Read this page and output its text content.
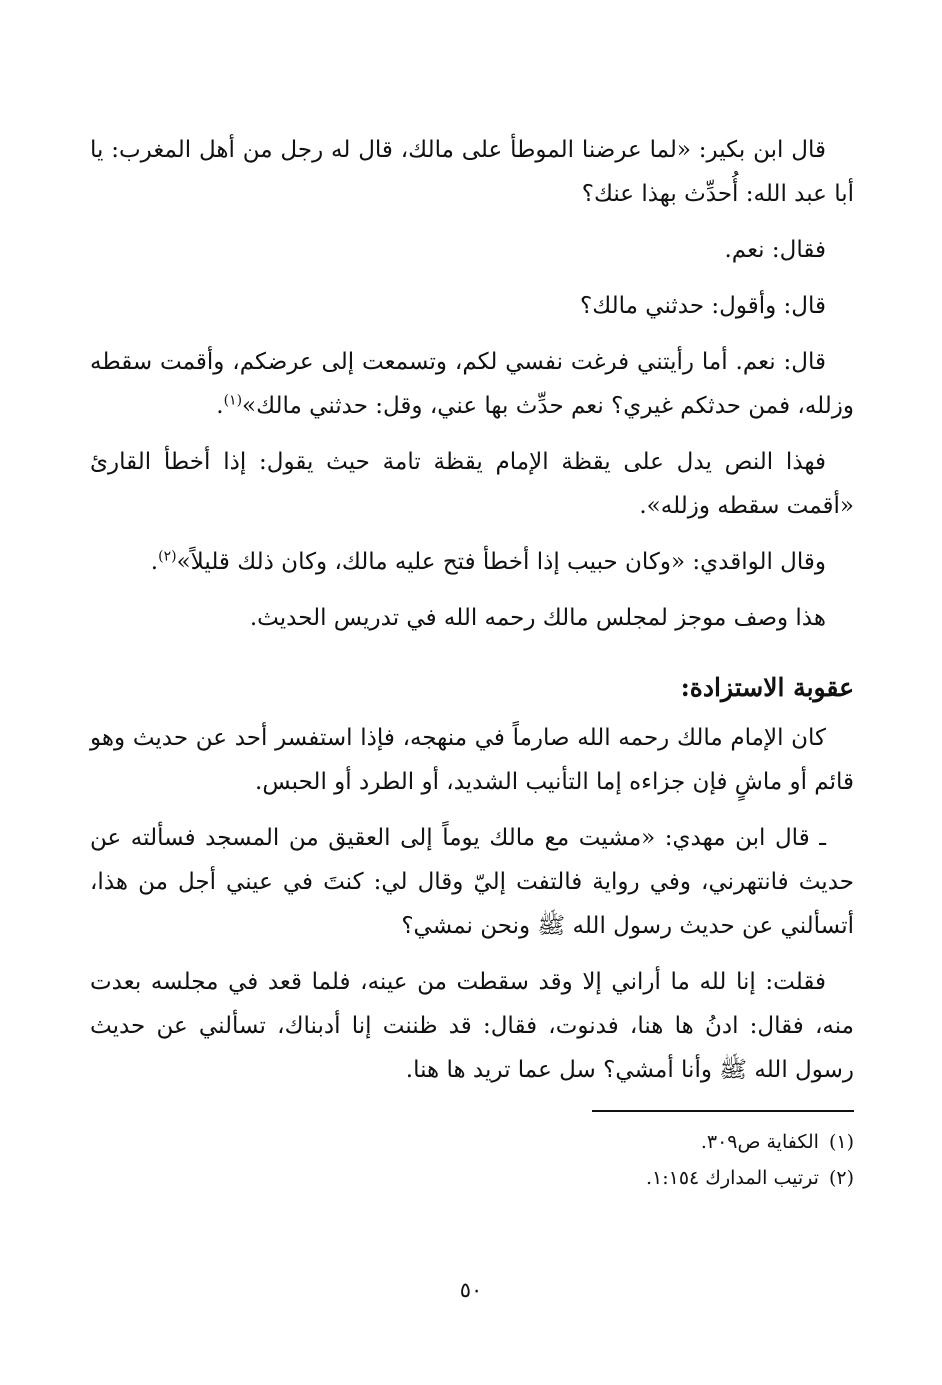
قال ابن بكير: «لما عرضنا الموطأ على مالك، قال له رجل من أهل المغرب: يا أبا عبد الله: أُحدِّث بهذا عنك؟

فقال: نعم.

قال: وأقول: حدثني مالك؟

قال: نعم. أما رأيتني فرغت نفسي لكم، وتسمعت إلى عرضكم، وأقمت سقطه وزلله، فمن حدثكم غيري؟ نعم حدِّث بها عني، وقل: حدثني مالك»$^{(١)}$.

فهذا النص يدل على يقظة الإمام يقظة تامة حيث يقول: إذا أخطأ القارئ «أقمت سقطه وزلله».

وقال الواقدي: «وكان حبيب إذا أخطأ فتح عليه مالك، وكان ذلك قليلاً»$^{(٢)}$.

هذا وصف موجز لمجلس مالك رحمه الله في تدريس الحديث.

عقوبة الاستزادة:

كان الإمام مالك رحمه الله صارماً في منهجه، فإذا استفسر أحد عن حديث وهو قائم أو ماشٍ فإن جزاءه إما التأنيب الشديد، أو الطرد أو الحبس.

ـ قال ابن مهدي: «مشيت مع مالك يوماً إلى العقيق من المسجد فسألته عن حديث فانتهرني، وفي رواية فالتفت إليّ وقال لي: كنتَ في عيني أجل من هذا، أتسألني عن حديث رسول الله ﷺ ونحن نمشي؟

فقلت: إنا لله ما أراني إلا وقد سقطت من عينه، فلما قعد في مجلسه بعدت منه، فقال: ادنُ ها هنا، فدنوت، فقال: قد ظننت إنا أدبناك، تسألني عن حديث رسول الله ﷺ وأنا أمشي؟ سل عما تريد ها هنا.

(١)الكفاية ص٣٠٩.

(٢)ترتيب المدارك ١:١٥٤.

٥٠
